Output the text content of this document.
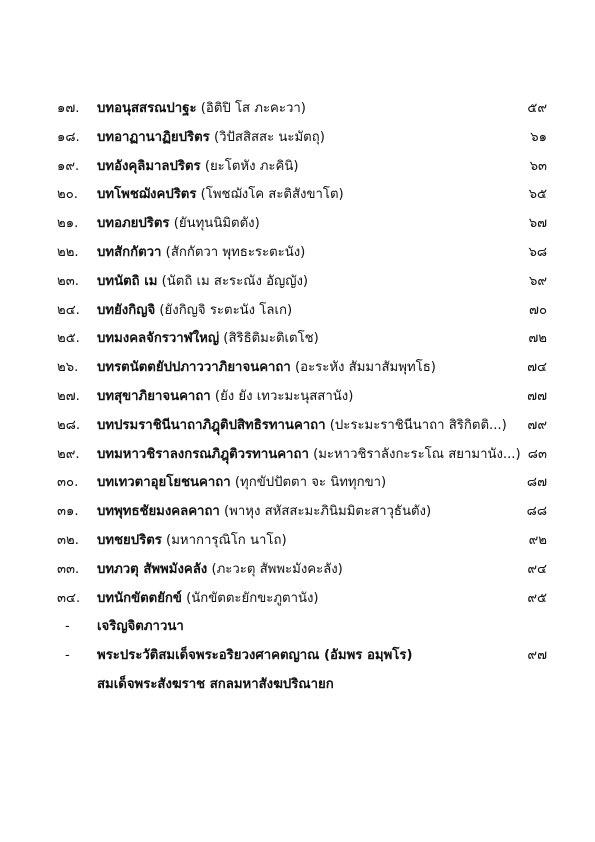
๑๗. บทอนุสสรณปาฐะ (อิติปิ โส ภะคะวา)	๕๙
๑๘. บทอาฏานาฏิยปริตร (วิปัสสิสสะ นะมัตถุ)	๖๑
๑๙. บทอังคุลิมาลปริตร (ยะโตหัง ภะคินิ)	๖๓
๒๐. บทโพชฌังคปริตร (โพชฌังโค สะติสังขาโต)	๖๕
๒๑. บทอภยปริตร (ยันทุนนิมิตตัง)	๖๗
๒๒. บทสักกัตวา (สักกัตวา พุทธะระตะนัง)	๖๘
๒๓. บทนัตถิ เม (นัตถิ เม สะระณัง อัญญัง)	๖๙
๒๔. บทยังกิญจิ (ยังกิญจิ ระตะนัง โลเก)	๗๐
๒๕. บทมงคลจักรวาฬใหญ่ (สิริธิติมะติเตโช)	๗๒
๒๖. บทรตนัตตยัปปภาววาภิยาจนคาถา (อะระหัง สัมมาสัมพุทโธ)	๗๔
๒๗. บทสุขาภิยาจนคาถา (ยัง ยัง เทวะมะนุสสานัง)	๗๗
๒๘. บทปรมราชินีนาถาภิฎุติปสิทธิรทานคาถา (ปะระมะราชินีนาถา สิริกิตติ...) ๗๙
๒๙. บทมหาวชิราลงกรณภิฎุติวรทานคาถา (มะหาวชิราลังกะระโณ สยามานัง...) ๘๓
๓๐. บทเทวตาอุยโยชนคาถา (ทุกขัปปัตตา จะ นิททุกขา)	๘๗
๓๑. บทพุทธชัยมงคลคาถา (พาหุง สหัสสะมะภินิมมิตะสาวุธันตัง)	๘๘
๓๒. บทชยปริตร (มหาการุณิโก นาโถ)	๙๒
๓๓. บทภวตุ สัพพมังคลัง (ภะวะตุ สัพพะมังคะลัง)	๙๔
๓๔. บทนักขัตตยักข์ (นักขัตตะยักขะภูตานัง)	๙๕
- เจริญจิตภาวนา
- พระประวัติสมเด็จพระอริยวงศาคตญาณ (อัมพร อมฺพโร)	๙๗
สมเด็จพระสังฆราช สกลมหาสังฆปริณายก
